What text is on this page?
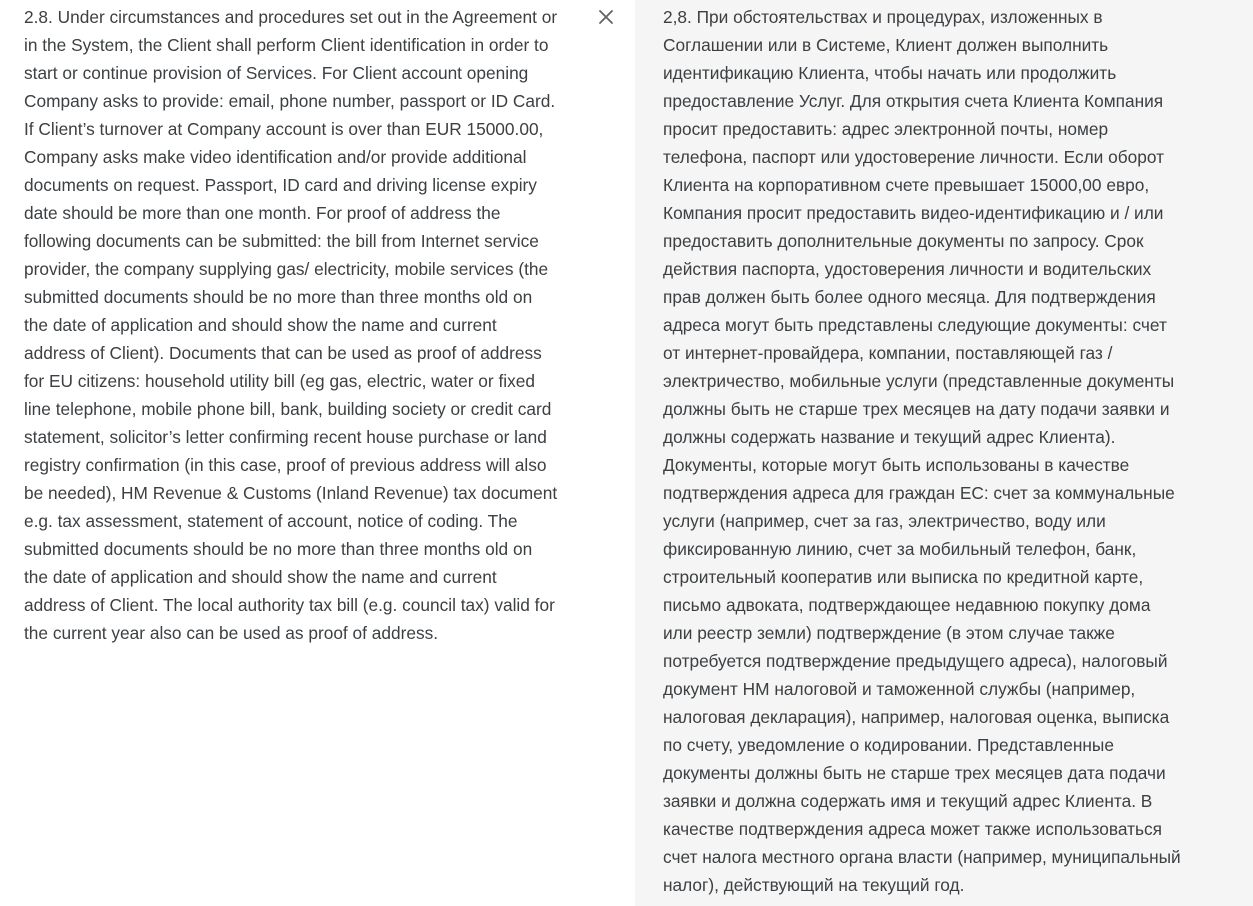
2.8. Under circumstances and procedures set out in the Agreement or
in the System, the Client shall perform Client identification in order to
start or continue provision of Services. For Client account opening
Company asks to provide: email, phone number, passport or ID Card.
If Client’s turnover at Company account is over than EUR 15000.00,
Company asks make video identification and/or provide additional
documents on request. Passport, ID card and driving license expiry
date should be more than one month. For proof of address the
following documents can be submitted: the bill from Internet service
provider, the company supplying gas/ electricity, mobile services (the
submitted documents should be no more than three months old on
the date of application and should show the name and current
address of Client). Documents that can be used as proof of address
for EU citizens: household utility bill (eg gas, electric, water or fixed
line telephone, mobile phone bill, bank, building society or credit card
statement, solicitor’s letter confirming recent house purchase or land
registry confirmation (in this case, proof of previous address will also
be needed), HM Revenue & Customs (Inland Revenue) tax document
e.g. tax assessment, statement of account, notice of coding. The
submitted documents should be no more than three months old on
the date of application and should show the name and current
address of Client. The local authority tax bill (e.g. council tax) valid for
the current year also can be used as proof of address.

2,8. При обстоятельствах и процедурах, изложенных в
Соглашении или в Системе, Клиент должен выполнить
идентификацию Клиента, чтобы начать или продолжить
предоставление Услуг. Для открытия счета Клиента Компания
просит предоставить: адрес электронной почты, номер
телефона, паспорт или удостоверение личности. Если оборот
Клиента на корпоративном счете превышает 15000,00 евро,
Компания просит предоставить видео-идентификацию и / или
предоставить дополнительные документы по запросу. Срок
действия паспорта, удостоверения личности и водительских
прав должен быть более одного месяца. Для подтверждения
адреса могут быть представлены следующие документы: счет
от интернет-провайдера, компании, поставляющей газ /
электричество, мобильные услуги (представленные документы
должны быть не старше трех месяцев на дату подачи заявки и
должны содержать название и текущий адрес Клиента).
Документы, которые могут быть использованы в качестве
подтверждения адреса для граждан ЕС: счет за коммунальные
услуги (например, счет за газ, электричество, воду или
фиксированную линию, счет за мобильный телефон, банк,
строительный кооператив или выписка по кредитной карте,
письмо адвоката, подтверждающее недавнюю покупку дома
или реестр земли) подтверждение (в этом случае также
потребуется подтверждение предыдущего адреса), налоговый
документ HM налоговой и таможенной службы (например,
налоговая декларация), например, налоговая оценка, выписка
по счету, уведомление о кодировании. Представленные
документы должны быть не старше трех месяцев дата подачи
заявки и должна содержать имя и текущий адрес Клиента. В
качестве подтверждения адреса может также использоваться
счет налога местного органа власти (например, муниципальный
налог), действующий на текущий год.
